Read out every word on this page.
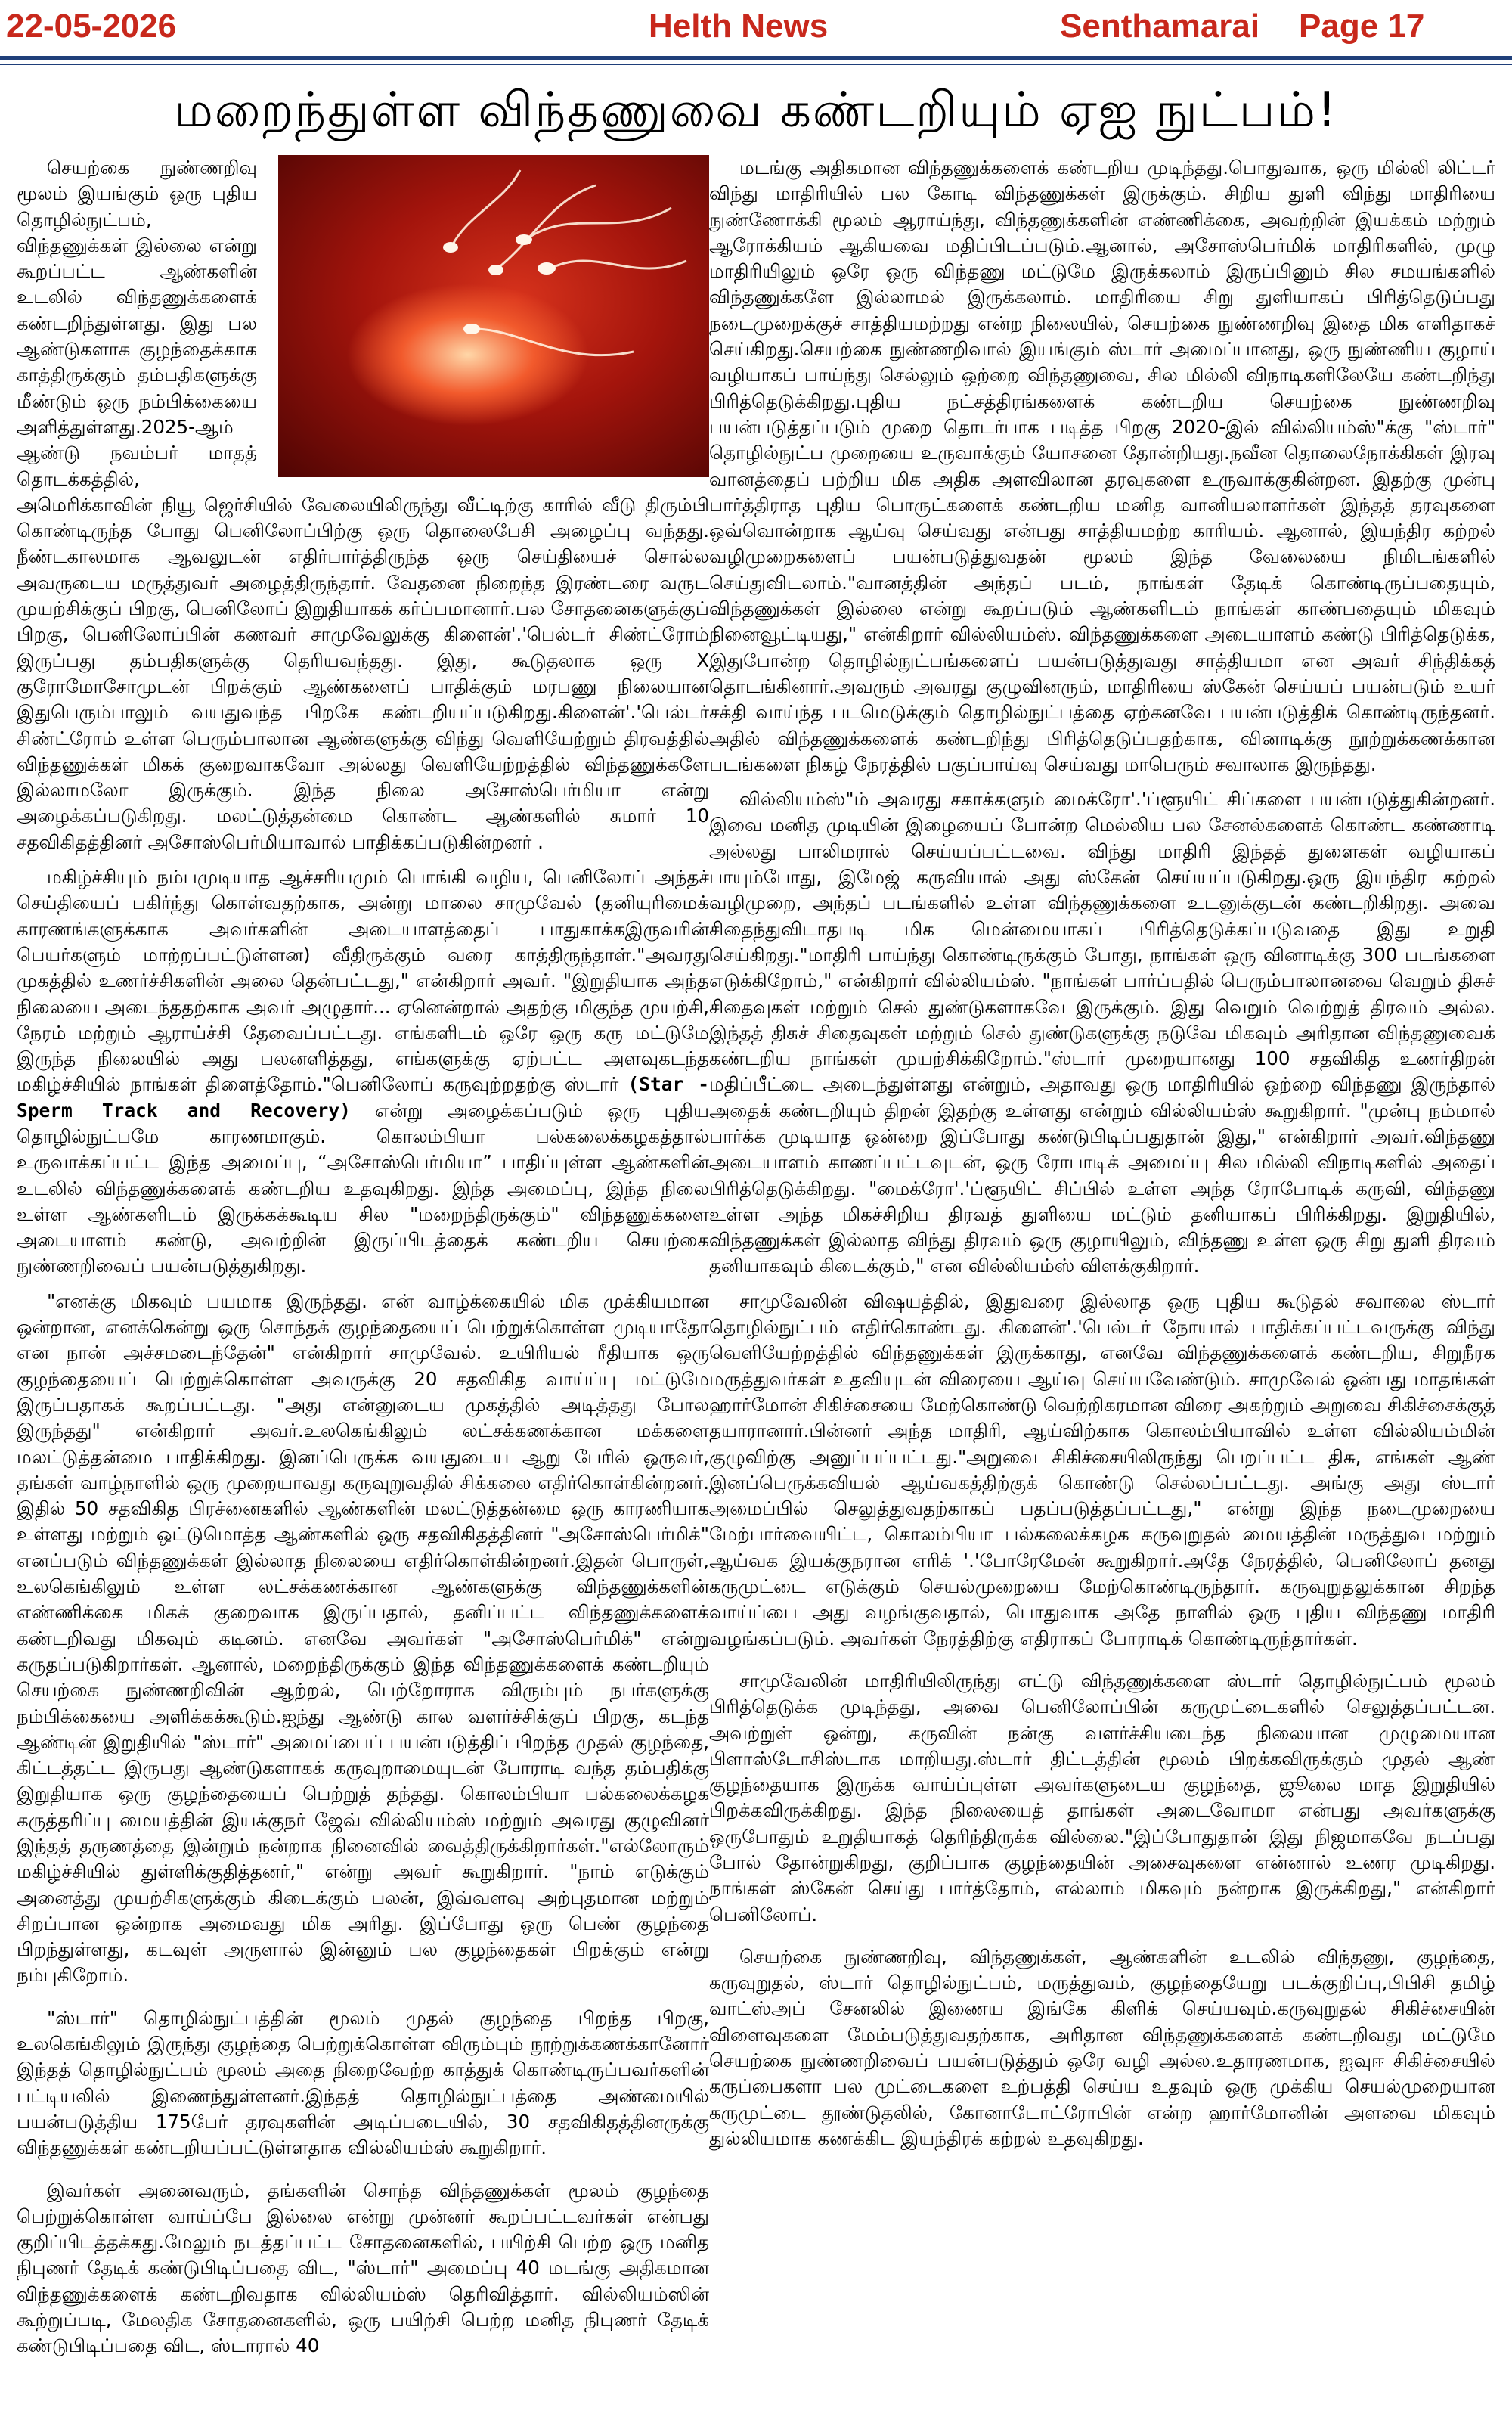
22-05-2026	Helth News	Senthamarai Page 17
மறைந்துள்ள விந்தணுவை கண்டறியும் ஏஐ நுட்பம்!

செயற்கை நுண்ணறிவு மூலம் இயங்கும் ஒரு புதிய தொழில்நுட்பம், விந்தணுக்கள் இல்லை என்று கூறப்பட்ட ஆண்களின் உடலில் விந்தணுக்களைக் கண்டறிந்துள்ளது. இது பல ஆண்டுகளாக குழந்தைக்காக காத்திருக்கும் தம்பதிகளுக்கு மீண்டும் ஒரு நம்பிக்கையை அளித்துள்ளது.2025-ஆம் ஆண்டு நவம்பர் மாதத் தொடக்கத்தில், அமெரிக்காவின் நியூ ஜெர்சியில் வேலையிலிருந்து வீட்டிற்கு காரில் வீடு திரும்பி கொண்டிருந்த போது பெனிலோப்பிற்கு ஒரு தொலைபேசி அழைப்பு வந்தது. நீண்டகாலமாக ஆவலுடன் எதிர்பார்த்திருந்த ஒரு செய்தியைச் சொல்ல அவருடைய மருத்துவர் அழைத்திருந்தார். வேதனை நிறைந்த இரண்டரை வருட முயற்சிக்குப் பிறகு, பெனிலோப் இறுதியாகக் கர்ப்பமானார்.பல சோதனைகளுக்குப் பிறகு, பெனிலோப்பின் கணவர் சாமுவேலுக்கு கிளைன்'.'பெல்டர் சிண்ட்ரோம் இருப்பது தம்பதிகளுக்கு தெரியவந்தது. இது, கூடுதலாக ஒரு X குரோமோசோமுடன் பிறக்கும் ஆண்களைப் பாதிக்கும் மரபணு நிலையான இதுபெரும்பாலும் வயதுவந்த பிறகே கண்டறியப்படுகிறது.கிளைன்'.'பெல்டர் சிண்ட்ரோம் உள்ள பெரும்பாலான ஆண்களுக்கு விந்து வெளியேற்றும் திரவத்தில் விந்தணுக்கள் மிகக் குறைவாகவோ அல்லது வெளியேற்றத்தில் விந்தணுக்களே இல்லாமலோ இருக்கும். இந்த நிலை அசோஸ்பெர்மியா என்று அழைக்கப்படுகிறது. மலட்டுத்தன்மை கொண்ட ஆண்களில் சுமார் 10 சதவிகிதத்தினர் அசோஸ்பெர்மியாவால் பாதிக்கப்படுகின்றனர் .

மகிழ்ச்சியும் நம்பமுடியாத ஆச்சரியமும் பொங்கி வழிய, பெனிலோப் அந்தச் செய்தியைப் பகிர்ந்து கொள்வதற்காக, அன்று மாலை சாமுவேல் (தனியுரிமைக் காரணங்களுக்காக அவர்களின் அடையாளத்தைப் பாதுகாக்கஇருவரின் பெயர்களும் மாற்றப்பட்டுள்ளன) வீதிருக்கும் வரை காத்திருந்தாள்."அவரது முகத்தில் உணர்ச்சிகளின் அலை தென்பட்டது," என்கிறார் அவர். "இறுதியாக அந்த நிலையை அடைந்ததற்காக அவர் அழுதார்... ஏனென்றால் அதற்கு மிகுந்த முயற்சி, நேரம் மற்றும் ஆராய்ச்சி தேவைப்பட்டது. எங்களிடம் ஒரே ஒரு கரு மட்டுமே இருந்த நிலையில் அது பலனளித்தது, எங்களுக்கு ஏற்பட்ட அளவுகடந்த மகிழ்ச்சியில் நாங்கள் திளைத்தோம்."பெனிலோப் கருவுற்றதற்கு ஸ்டார் (Star - Sperm Track and Recovery) என்று அழைக்கப்படும் ஒரு புதிய தொழில்நுட்பமே காரணமாகும். கொலம்பியா பல்கலைக்கழகத்தால் உருவாக்கப்பட்ட இந்த அமைப்பு, “அசோஸ்பெர்மியா” பாதிப்புள்ள ஆண்களின் உடலில் விந்தணுக்களைக் கண்டறிய உதவுகிறது. இந்த அமைப்பு, இந்த நிலை உள்ள ஆண்களிடம் இருக்கக்கூடிய சில "மறைந்திருக்கும்" விந்தணுக்களை அடையாளம் கண்டு, அவற்றின் இருப்பிடத்தைக் கண்டறிய செயற்கை நுண்ணறிவைப் பயன்படுத்துகிறது.

"எனக்கு மிகவும் பயமாக இருந்தது. என் வாழ்க்கையில் மிக முக்கியமான ஒன்றான, எனக்கென்று ஒரு சொந்தக் குழந்தையைப் பெற்றுக்கொள்ள முடியாதோ என நான் அச்சமடைந்தேன்" என்கிறார் சாமுவேல். உயிரியல் ரீதியாக ஒரு குழந்தையைப் பெற்றுக்கொள்ள அவருக்கு 20 சதவிகித வாய்ப்பு மட்டுமே இருப்பதாகக் கூறப்பட்டது. "அது என்னுடைய முகத்தில் அடித்தது போல இருந்தது" என்கிறார் அவர்.உலகெங்கிலும் லட்சக்கணக்கான மக்களை மலட்டுத்தன்மை பாதிக்கிறது. இனப்பெருக்க வயதுடைய ஆறு பேரில் ஒருவர், தங்கள் வாழ்நாளில் ஒரு முறையாவது கருவுறுவதில் சிக்கலை எதிர்கொள்கின்றனர். இதில் 50 சதவிகித பிரச்னைகளில் ஆண்களின் மலட்டுத்தன்மை ஒரு காரணியாக உள்ளது மற்றும் ஒட்டுமொத்த ஆண்களில் ஒரு சதவிகிதத்தினர் "அசோஸ்பெர்மிக்" எனப்படும் விந்தணுக்கள் இல்லாத நிலையை எதிர்கொள்கின்றனர்.இதன் பொருள், உலகெங்கிலும் உள்ள லட்சக்கணக்கான ஆண்களுக்கு விந்தணுக்களின் எண்ணிக்கை மிகக் குறைவாக இருப்பதால், தனிப்பட்ட விந்தணுக்களைக் கண்டறிவது மிகவும் கடினம். எனவே அவர்கள் "அசோஸ்பெர்மிக்" என்று கருதப்படுகிறார்கள். ஆனால், மறைந்திருக்கும் இந்த விந்தணுக்களைக் கண்டறியும் செயற்கை நுண்ணறிவின் ஆற்றல், பெற்றோராக விரும்பும் நபர்களுக்கு நம்பிக்கையை அளிக்கக்கூடும்.ஐந்து ஆண்டு கால வளர்ச்சிக்குப் பிறகு, கடந்த ஆண்டின் இறுதியில் "ஸ்டார்" அமைப்பைப் பயன்படுத்திப் பிறந்த முதல் குழந்தை, கிட்டத்தட்ட இருபது ஆண்டுகளாகக் கருவுறாமையுடன் போராடி வந்த தம்பதிக்கு இறுதியாக ஒரு குழந்தையைப் பெற்றுத் தந்தது. கொலம்பியா பல்கலைக்கழக கருத்தரிப்பு மையத்தின் இயக்குநர் ஜேவ் வில்லியம்ஸ் மற்றும் அவரது குழுவினர் இந்தத் தருணத்தை இன்றும் நன்றாக நினைவில் வைத்திருக்கிறார்கள்."எல்லோரும் மகிழ்ச்சியில் துள்ளிக்குதித்தனர்," என்று அவர் கூறுகிறார். "நாம் எடுக்கும் அனைத்து முயற்சிகளுக்கும் கிடைக்கும் பலன், இவ்வளவு அற்புதமான மற்றும் சிறப்பான ஒன்றாக அமைவது மிக அரிது. இப்போது ஒரு பெண் குழந்தை பிறந்துள்ளது, கடவுள் அருளால் இன்னும் பல குழந்தைகள் பிறக்கும் என்று நம்புகிறோம்.

"ஸ்டார்" தொழில்நுட்பத்தின் மூலம் முதல் குழந்தை பிறந்த பிறகு, உலகெங்கிலும் இருந்து குழந்தை பெற்றுக்கொள்ள விரும்பும் நூற்றுக்கணக்கானோர் இந்தத் தொழில்நுட்பம் மூலம் அதை நிறைவேற்ற காத்துக் கொண்டிருப்பவர்களின் பட்டியலில் இணைந்துள்ளனர்.இந்தத் தொழில்நுட்பத்தை அண்மையில் பயன்படுத்திய 175பேர் தரவுகளின் அடிப்படையில், 30 சதவிகிதத்தினருக்கு விந்தணுக்கள் கண்டறியப்பட்டுள்ளதாக வில்லியம்ஸ் கூறுகிறார்.

இவர்கள் அனைவரும், தங்களின் சொந்த விந்தணுக்கள் மூலம் குழந்தை பெற்றுக்கொள்ள வாய்ப்பே இல்லை என்று முன்னர் கூறப்பட்டவர்கள் என்பது குறிப்பிடத்தக்கது.மேலும் நடத்தப்பட்ட சோதனைகளில், பயிற்சி பெற்ற ஒரு மனித நிபுணர் தேடிக் கண்டுபிடிப்பதை விட, "ஸ்டார்" அமைப்பு 40 மடங்கு அதிகமான விந்தணுக்களைக் கண்டறிவதாக வில்லியம்ஸ் தெரிவித்தார். வில்லியம்ஸின் கூற்றுப்படி, மேலதிக சோதனைகளில், ஒரு பயிற்சி பெற்ற மனித நிபுணர் தேடிக் கண்டுபிடிப்பதை விட, ஸ்டாரால் 40

மடங்கு அதிகமான விந்தணுக்களைக் கண்டறிய முடிந்தது.பொதுவாக, ஒரு மில்லி லிட்டர் விந்து மாதிரியில் பல கோடி விந்தணுக்கள் இருக்கும். சிறிய துளி விந்து மாதிரியை நுண்ணோக்கி மூலம் ஆராய்ந்து, விந்தணுக்களின் எண்ணிக்கை, அவற்றின் இயக்கம் மற்றும் ஆரோக்கியம் ஆகியவை மதிப்பிடப்படும்.ஆனால், அசோஸ்பெர்மிக் மாதிரிகளில், முழு மாதிரியிலும் ஒரே ஒரு விந்தணு மட்டுமே இருக்கலாம் இருப்பினும் சில சமயங்களில் விந்தணுக்களே இல்லாமல் இருக்கலாம். மாதிரியை சிறு துளியாகப் பிரித்தெடுப்பது நடைமுறைக்குச் சாத்தியமற்றது என்ற நிலையில், செயற்கை நுண்ணறிவு இதை மிக எளிதாகச் செய்கிறது.செயற்கை நுண்ணறிவால் இயங்கும் ஸ்டார் அமைப்பானது, ஒரு நுண்ணிய குழாய் வழியாகப் பாய்ந்து செல்லும் ஒற்றை விந்தணுவை, சில மில்லி விநாடிகளிலேயே கண்டறிந்து பிரித்தெடுக்கிறது.புதிய நட்சத்திரங்களைக் கண்டறிய செயற்கை நுண்ணறிவு பயன்படுத்தப்படும் முறை தொடர்பாக படித்த பிறகு 2020-இல் வில்லியம்ஸ்"க்கு "ஸ்டார்" தொழில்நுட்ப முறையை உருவாக்கும் யோசனை தோன்றியது.நவீன தொலைநோக்கிகள் இரவு வானத்தைப் பற்றிய மிக அதிக அளவிலான தரவுகளை உருவாக்குகின்றன. இதற்கு முன்பு பார்த்திராத புதிய பொருட்களைக் கண்டறிய மனித வானியலாளர்கள் இந்தத் தரவுகளை ஒவ்வொன்றாக ஆய்வு செய்வது என்பது சாத்தியமற்ற காரியம். ஆனால், இயந்திர கற்றல் வழிமுறைகளைப் பயன்படுத்துவதன் மூலம் இந்த வேலையை நிமிடங்களில் செய்துவிடலாம்."வானத்தின் அந்தப் படம், நாங்கள் தேடிக் கொண்டிருப்பதையும், விந்தணுக்கள் இல்லை என்று கூறப்படும் ஆண்களிடம் நாங்கள் காண்பதையும் மிகவும் நினைவூட்டியது," என்கிறார் வில்லியம்ஸ். விந்தணுக்களை அடையாளம் கண்டு பிரித்தெடுக்க, இதுபோன்ற தொழில்நுட்பங்களைப் பயன்படுத்துவது சாத்தியமா என அவர் சிந்திக்கத் தொடங்கினார்.அவரும் அவரது குழுவினரும், மாதிரியை ஸ்கேன் செய்யப் பயன்படும் உயர் சக்தி வாய்ந்த படமெடுக்கும் தொழில்நுட்பத்தை ஏற்கனவே பயன்படுத்திக் கொண்டிருந்தனர். அதில் விந்தணுக்களைக் கண்டறிந்து பிரித்தெடுப்பதற்காக, வினாடிக்கு நூற்றுக்கணக்கான படங்களை நிகழ் நேரத்தில் பகுப்பாய்வு செய்வது மாபெரும் சவாலாக இருந்தது.

வில்லியம்ஸ்"ம் அவரது சகாக்களும் மைக்ரோ'.'ப்ளூயிட் சிப்களை பயன்படுத்துகின்றனர். இவை மனித முடியின் இழையைப் போன்ற மெல்லிய பல சேனல்களைக் கொண்ட கண்ணாடி அல்லது பாலிமரால் செய்யப்பட்டவை. விந்து மாதிரி இந்தத் துளைகள் வழியாகப் பாயும்போது, இமேஜ் கருவியால் அது ஸ்கேன் செய்யப்படுகிறது.ஒரு இயந்திர கற்றல் வழிமுறை, அந்தப் படங்களில் உள்ள விந்தணுக்களை உடனுக்குடன் கண்டறிகிறது. அவை சிதைந்துவிடாதபடி மிக மென்மையாகப் பிரித்தெடுக்கப்படுவதை இது உறுதி செய்கிறது."மாதிரி பாய்ந்து கொண்டிருக்கும் போது, நாங்கள் ஒரு வினாடிக்கு 300 படங்களை எடுக்கிறோம்," என்கிறார் வில்லியம்ஸ். "நாங்கள் பார்ப்பதில் பெரும்பாலானவை வெறும் திசுச் சிதைவுகள் மற்றும் செல் துண்டுகளாகவே இருக்கும். இது வெறும் வெற்றுத் திரவம் அல்ல. இந்தத் திசுச் சிதைவுகள் மற்றும் செல் துண்டுகளுக்கு நடுவே மிகவும் அரிதான விந்தணுவைக் கண்டறிய நாங்கள் முயற்சிக்கிறோம்."ஸ்டார் முறையானது 100 சதவிகித உணர்திறன் மதிப்பீட்டை அடைந்துள்ளது என்றும், அதாவது ஒரு மாதிரியில் ஒற்றை விந்தணு இருந்தால் அதைக் கண்டறியும் திறன் இதற்கு உள்ளது என்றும் வில்லியம்ஸ் கூறுகிறார். "முன்பு நம்மால் பார்க்க முடியாத ஒன்றை இப்போது கண்டுபிடிப்பதுதான் இது," என்கிறார் அவர்.விந்தணு அடையாளம் காணப்பட்டவுடன், ஒரு ரோபாடிக் அமைப்பு சில மில்லி விநாடிகளில் அதைப் பிரித்தெடுக்கிறது. "மைக்ரோ'.'ப்ளூயிட் சிப்பில் உள்ள அந்த ரோபோடிக் கருவி, விந்தணு உள்ள அந்த மிகச்சிறிய திரவத் துளியை மட்டும் தனியாகப் பிரிக்கிறது. இறுதியில், விந்தணுக்கள் இல்லாத விந்து திரவம் ஒரு குழாயிலும், விந்தணு உள்ள ஒரு சிறு துளி திரவம் தனியாகவும் கிடைக்கும்," என வில்லியம்ஸ் விளக்குகிறார்.

சாமுவேலின் விஷயத்தில், இதுவரை இல்லாத ஒரு புதிய கூடுதல் சவாலை ஸ்டார் தொழில்நுட்பம் எதிர்கொண்டது. கிளைன்'.'பெல்டர் நோயால் பாதிக்கப்பட்டவருக்கு விந்து வெளியேற்றத்தில் விந்தணுக்கள் இருக்காது, எனவே விந்தணுக்களைக் கண்டறிய, சிறுநீரக மருத்துவர்கள் உதவியுடன் விரையை ஆய்வு செய்யவேண்டும். சாமுவேல் ஒன்பது மாதங்கள் ஹார்மோன் சிகிச்சையை மேற்கொண்டு வெற்றிகரமான விரை அகற்றும் அறுவை சிகிச்சைக்குத் தயாரானார்.பின்னர் அந்த மாதிரி, ஆய்விற்காக கொலம்பியாவில் உள்ள வில்லியம்மின் குழுவிற்கு அனுப்பப்பட்டது."அறுவை சிகிச்சையிலிருந்து பெறப்பட்ட திசு, எங்கள் ஆண் இனப்பெருக்கவியல் ஆய்வகத்திற்குக் கொண்டு செல்லப்பட்டது. அங்கு அது ஸ்டார் அமைப்பில் செலுத்துவதற்காகப் பதப்படுத்தப்பட்டது," என்று இந்த நடைமுறையை மேற்பார்வையிட்ட, கொலம்பியா பல்கலைக்கழக கருவுறுதல் மையத்தின் மருத்துவ மற்றும் ஆய்வக இயக்குநரான எரிக் '.'போரேமேன் கூறுகிறார்.அதே நேரத்தில், பெனிலோப் தனது கருமுட்டை எடுக்கும் செயல்முறையை மேற்கொண்டிருந்தார். கருவுறுதலுக்கான சிறந்த வாய்ப்பை அது வழங்குவதால், பொதுவாக அதே நாளில் ஒரு புதிய விந்தணு மாதிரி வழங்கப்படும். அவர்கள் நேரத்திற்கு எதிராகப் போராடிக் கொண்டிருந்தார்கள்.

சாமுவேலின் மாதிரியிலிருந்து எட்டு விந்தணுக்களை ஸ்டார் தொழில்நுட்பம் மூலம் பிரித்தெடுக்க முடிந்தது, அவை பெனிலோப்பின் கருமுட்டைகளில் செலுத்தப்பட்டன. அவற்றுள் ஒன்று, கருவின் நன்கு வளர்ச்சியடைந்த நிலையான முழுமையான பிளாஸ்டோசிஸ்டாக மாறியது.ஸ்டார் திட்டத்தின் மூலம் பிறக்கவிருக்கும் முதல் ஆண் குழந்தையாக இருக்க வாய்ப்புள்ள அவர்களுடைய குழந்தை, ஜூலை மாத இறுதியில் பிறக்கவிருக்கிறது. இந்த நிலையைத் தாங்கள் அடைவோமா என்பது அவர்களுக்கு ஒருபோதும் உறுதியாகத் தெரிந்திருக்க வில்லை."இப்போதுதான் இது நிஜமாகவே நடப்பது போல் தோன்றுகிறது, குறிப்பாக குழந்தையின் அசைவுகளை என்னால் உணர முடிகிறது. நாங்கள் ஸ்கேன் செய்து பார்த்தோம், எல்லாம் மிகவும் நன்றாக இருக்கிறது," என்கிறார் பெனிலோப்.

செயற்கை நுண்ணறிவு, விந்தணுக்கள், ஆண்களின் உடலில் விந்தணு, குழந்தை, கருவுறுதல், ஸ்டார் தொழில்நுட்பம், மருத்துவம், குழந்தையேறு படக்குறிப்பு,பிபிசி தமிழ் வாட்ஸ்அப் சேனலில் இணைய இங்கே கிளிக் செய்யவும்.கருவுறுதல் சிகிச்சையின் விளைவுகளை மேம்படுத்துவதற்காக, அரிதான விந்தணுக்களைக் கண்டறிவது மட்டுமே செயற்கை நுண்ணறிவைப் பயன்படுத்தும் ஒரே வழி அல்ல.உதாரணமாக, ஐவுஈ சிகிச்சையில் கருப்பைகளா பல முட்டைகளை உற்பத்தி செய்ய உதவும் ஒரு முக்கிய செயல்முறையான கருமுட்டை தூண்டுதலில், கோனாடோட்ரோபின் என்ற ஹார்மோனின் அளவை மிகவும் துல்லியமாக கணக்கிட இயந்திரக் கற்றல் உதவுகிறது.
